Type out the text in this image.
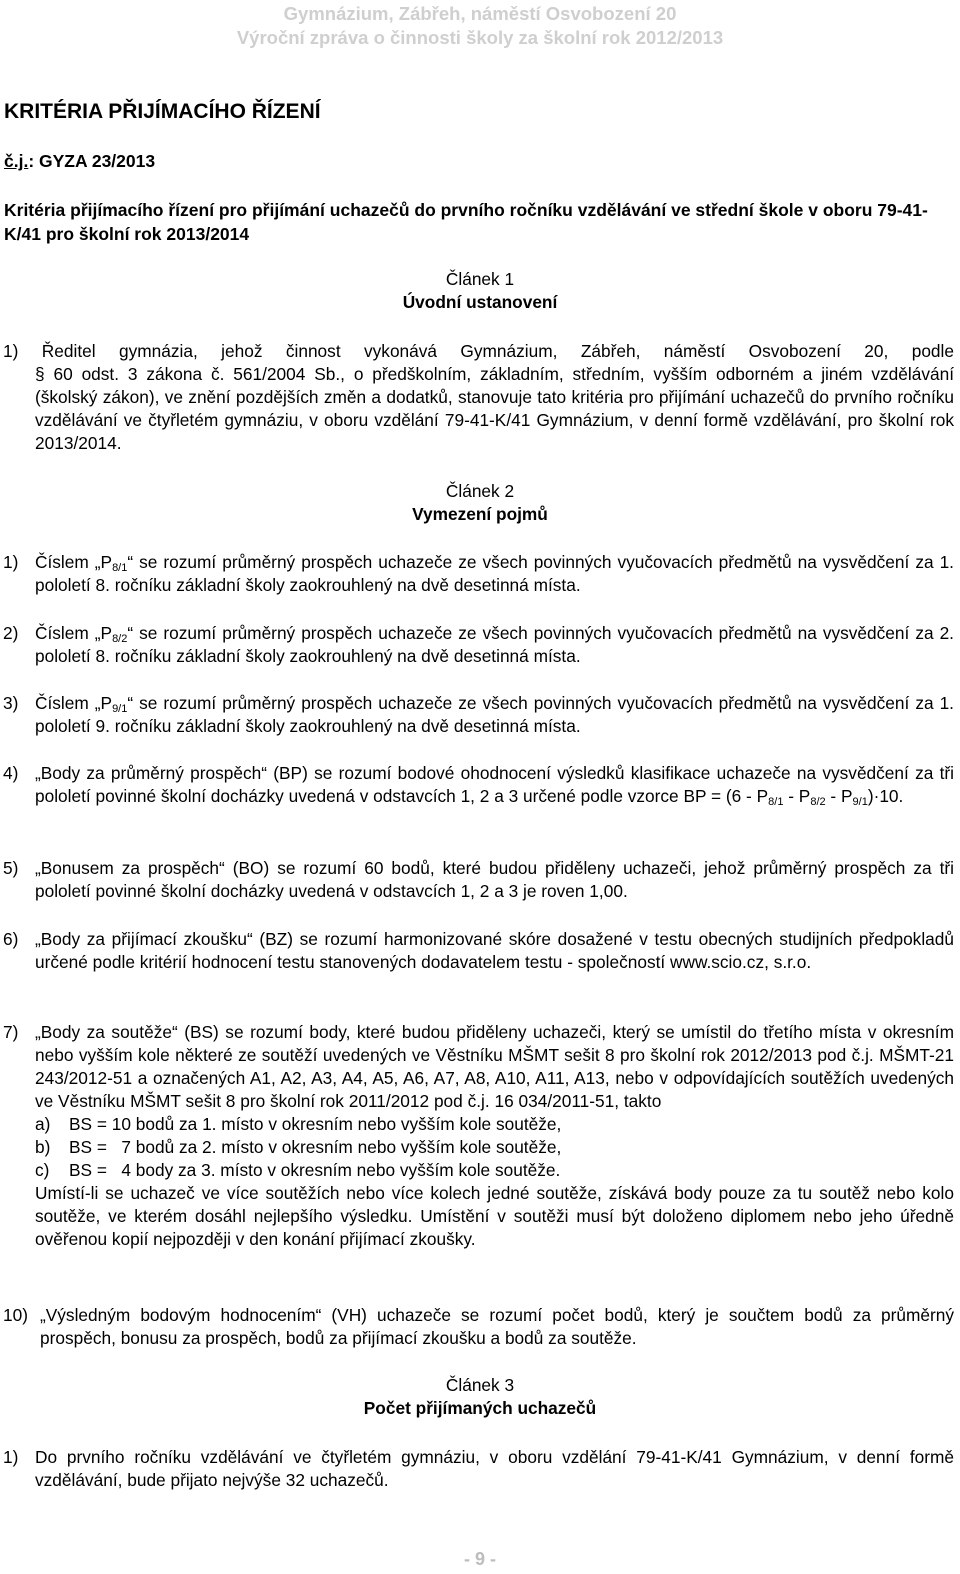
Gymnázium, Zábřeh, náměstí Osvobození 20
Výroční zpráva o činnosti školy za školní rok 2012/2013
KRITÉRIA PŘIJÍMACÍHO ŘÍZENÍ
č.j.: GYZA 23/2013
Kritéria přijímacího řízení pro přijímání uchazečů do prvního ročníku vzdělávání ve střední škole v oboru 79-41-K/41 pro školní rok 2013/2014
Článek 1
Úvodní ustanovení
1) Ředitel gymnázia, jehož činnost vykonává Gymnázium, Zábřeh, náměstí Osvobození 20, podle
§ 60 odst. 3 zákona č. 561/2004 Sb., o předškolním, základním, středním, vyšším odborném a jiném vzdělávání (školský zákon), ve znění pozdějších změn a dodatků, stanovuje tato kritéria pro přijímání uchazečů do prvního ročníku vzdělávání ve čtyřletém gymnáziu, v oboru vzdělání 79-41-K/41 Gymnázium, v denní formě vzdělávání, pro školní rok 2013/2014.
Článek 2
Vymezení pojmů
1) Číslem $„P_{8/1}“$ se rozumí průměrný prospěch uchazeče ze všech povinných vyučovacích předmětů na vysvědčení za 1. pololetí 8. ročníku základní školy zaokrouhlený na dvě desetinná místa.
2) Číslem $„P_{8/2}“$ se rozumí průměrný prospěch uchazeče ze všech povinných vyučovacích předmětů na vysvědčení za 2. pololetí 8. ročníku základní školy zaokrouhlený na dvě desetinná místa.
3) Číslem $„P_{9/1}“$ se rozumí průměrný prospěch uchazeče ze všech povinných vyučovacích předmětů na vysvědčení za 1. pololetí 9. ročníku základní školy zaokrouhlený na dvě desetinná místa.
4) „Body za průměrný prospěch“ (BP) se rozumí bodové ohodnocení výsledků klasifikace uchazeče na vysvědčení za tři pololetí povinné školní docházky uvedená v odstavcích 1, 2 a 3 určené podle vzorce BP = $(6 - P_{8/1} - P_{8/2} - P_{9/1})\cdot 10$.
5) „Bonusem za prospěch“ (BO) se rozumí 60 bodů, které budou přiděleny uchazeči, jehož průměrný prospěch za tři pololetí povinné školní docházky uvedená v odstavcích 1, 2 a 3 je roven 1,00.
6) „Body za přijímací zkoušku“ (BZ) se rozumí harmonizované skóre dosažené v testu obecných studijních předpokladů určené podle kritérií hodnocení testu stanovených dodavatelem testu - společností www.scio.cz, s.r.o.
7) „Body za soutěže“ (BS) se rozumí body, které budou přiděleny uchazeči, který se umístil do třetího místa v okresním nebo vyšším kole některé ze soutěží uvedených ve Věstníku MŠMT sešit 8 pro školní rok 2012/2013 pod č.j. MŠMT-21 243/2012-51 a označených A1, A2, A3, A4, A5, A6, A7, A8, A10, A11, A13, nebo v odpovídajících soutěžích uvedených ve Věstníku MŠMT sešit 8 pro školní rok 2011/2012 pod č.j. 16 034/2011-51, takto
a) BS = 10 bodů za 1. místo v okresním nebo vyšším kole soutěže,
b) BS =   7 bodů za 2. místo v okresním nebo vyšším kole soutěže,
c) BS =   4 body za 3. místo v okresním nebo vyšším kole soutěže.
Umístí-li se uchazeč ve více soutěžích nebo více kolech jedné soutěže, získává body pouze za tu soutěž nebo kolo soutěže, ve kterém dosáhl nejlepšího výsledku. Umístění v soutěži musí být doloženo diplomem nebo jeho úředně ověřenou kopií nejpozději v den konání přijímací zkoušky.
10) „Výsledným bodovým hodnocením“ (VH) uchazeče se rozumí počet bodů, který je součtem bodů za průměrný prospěch, bonusu za prospěch, bodů za přijímací zkoušku a bodů za soutěže.
Článek 3
Počet přijímaných uchazečů
1) Do prvního ročníku vzdělávání ve čtyřletém gymnáziu, v oboru vzdělání 79-41-K/41 Gymnázium, v denní formě vzdělávání, bude přijato nejvýše 32 uchazečů.
- 9 -
